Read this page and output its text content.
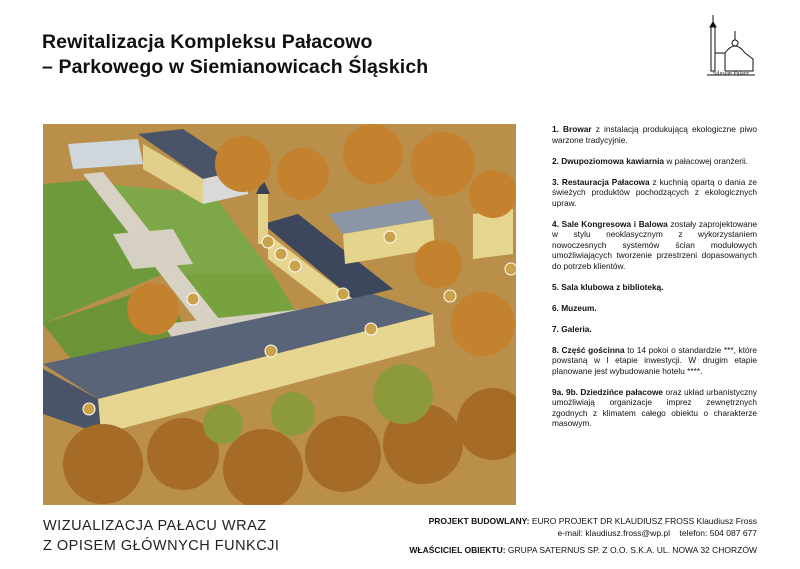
Rewitalizacja Kompleksu Pałacowo
– Parkowego w Siemianowicach Śląskich	Silesian Palace
1. Browar z instalacją produkującą ekologiczne piwo warzone tradycyjnie.
2. Dwupoziomowa kawiarnia w pałacowej oranżerii.
3. Restauracja Pałacowa z kuchnią opartą o dania ze świeżych produktów pochodzących z ekologicznych upraw.
4. Sale Kongresowa i Balowa zostały zaprojektowane w stylu neoklasycznym z wykorzystaniem nowoczesnych systemów ścian modułowych umożliwiających tworzenie przestrzeni dopasowanych do potrzeb klientów.
5. Sala klubowa z biblioteką.
6. Muzeum.
7. Galeria.
8. Część gościnna to 14 pokoi o standardzie ***, które powstaną w I etapie inwestycji. W drugim etapie planowane jest wybudowanie hotelu ****.
9a. 9b. Dziedzińce pałacowe oraz układ urbanistyczny umożliwiają organizacje imprez zewnętrznych zgodnych z klimatem całego obiektu o charakterze masowym.
WIZUALIZACJA PAŁACU WRAZ
Z OPISEM GŁÓWNYCH FUNKCJI
PROJEKT BUDOWLANY: EURO PROJEKT DR KLAUDIUSZ FROSS Klaudiusz Fross
e-mail: klaudiusz.fross@wp.pl telefon: 504 087 677
WŁAŚCICIEL OBIEKTU: GRUPA SATERNUS SP. Z O.O. S.K.A. UL. NOWA 32 CHORZÓW
